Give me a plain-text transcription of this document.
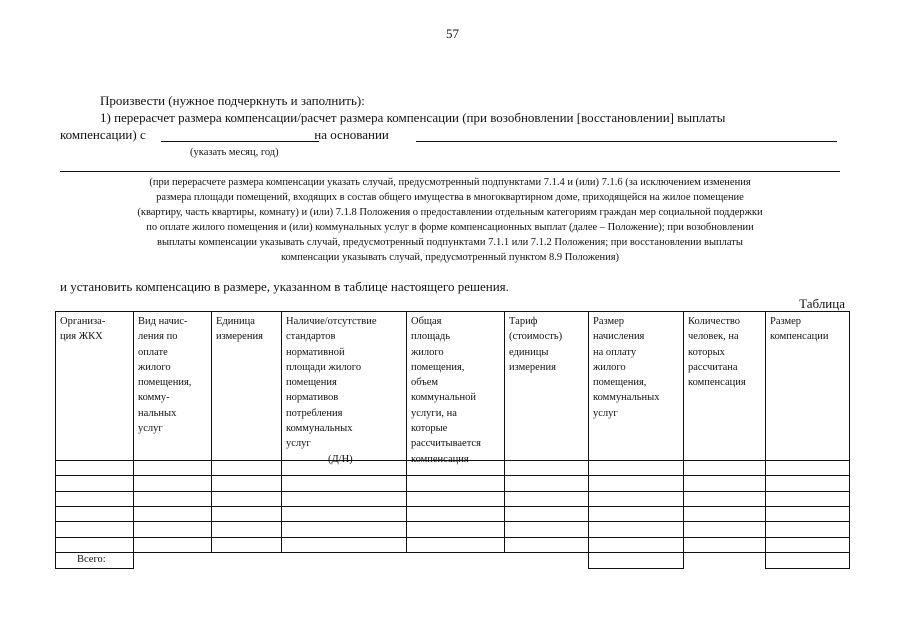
57
Произвести (нужное подчеркнуть и заполнить):
1) перерасчет размера компенсации/расчет размера компенсации (при возобновлении [восстановлении] выплаты
компенсации) с	на основании
(указать месяц, год)
(при перерасчете размера компенсации указать случай, предусмотренный подпунктами 7.1.4 и (или) 7.1.6 (за исключением изменения
размера площади помещений, входящих в состав общего имущества в многоквартирном доме, приходящейся на жилое помещение
(квартиру, часть квартиры, комнату) и (или) 7.1.8 Положения о предоставлении отдельным категориям граждан мер социальной поддержки
по оплате жилого помещения и (или) коммунальных услуг в форме компенсационных выплат (далее – Положение); при возобновлении
выплаты компенсации указывать случай, предусмотренный подпунктами 7.1.1 или 7.1.2 Положения; при восстановлении выплаты
компенсации указывать случай, предусмотренный пунктом 8.9 Положения)
и установить компенсацию в размере, указанном в таблице настоящего решения.
Таблица
Организа-
ция ЖКХ
Вид начис-
ления по
оплате
жилого
помещения,
комму-
нальных
услуг
Единица
измерения
Наличие/отсутствие
стандартов
нормативной
площади жилого
помещения
нормативов
потребления
коммунальных
услуг
(Д/Н)
Общая
площадь
жилого
помещения,
объем
коммунальной
услуги, на
которые
рассчитывается
компенсация
Тариф
(стоимость)
единицы
измерения
Размер
начисления
на оплату
жилого
помещения,
коммунальных
услуг
Количество
человек, на
которых
рассчитана
компенсация
Размер
компенсации
Всего:
